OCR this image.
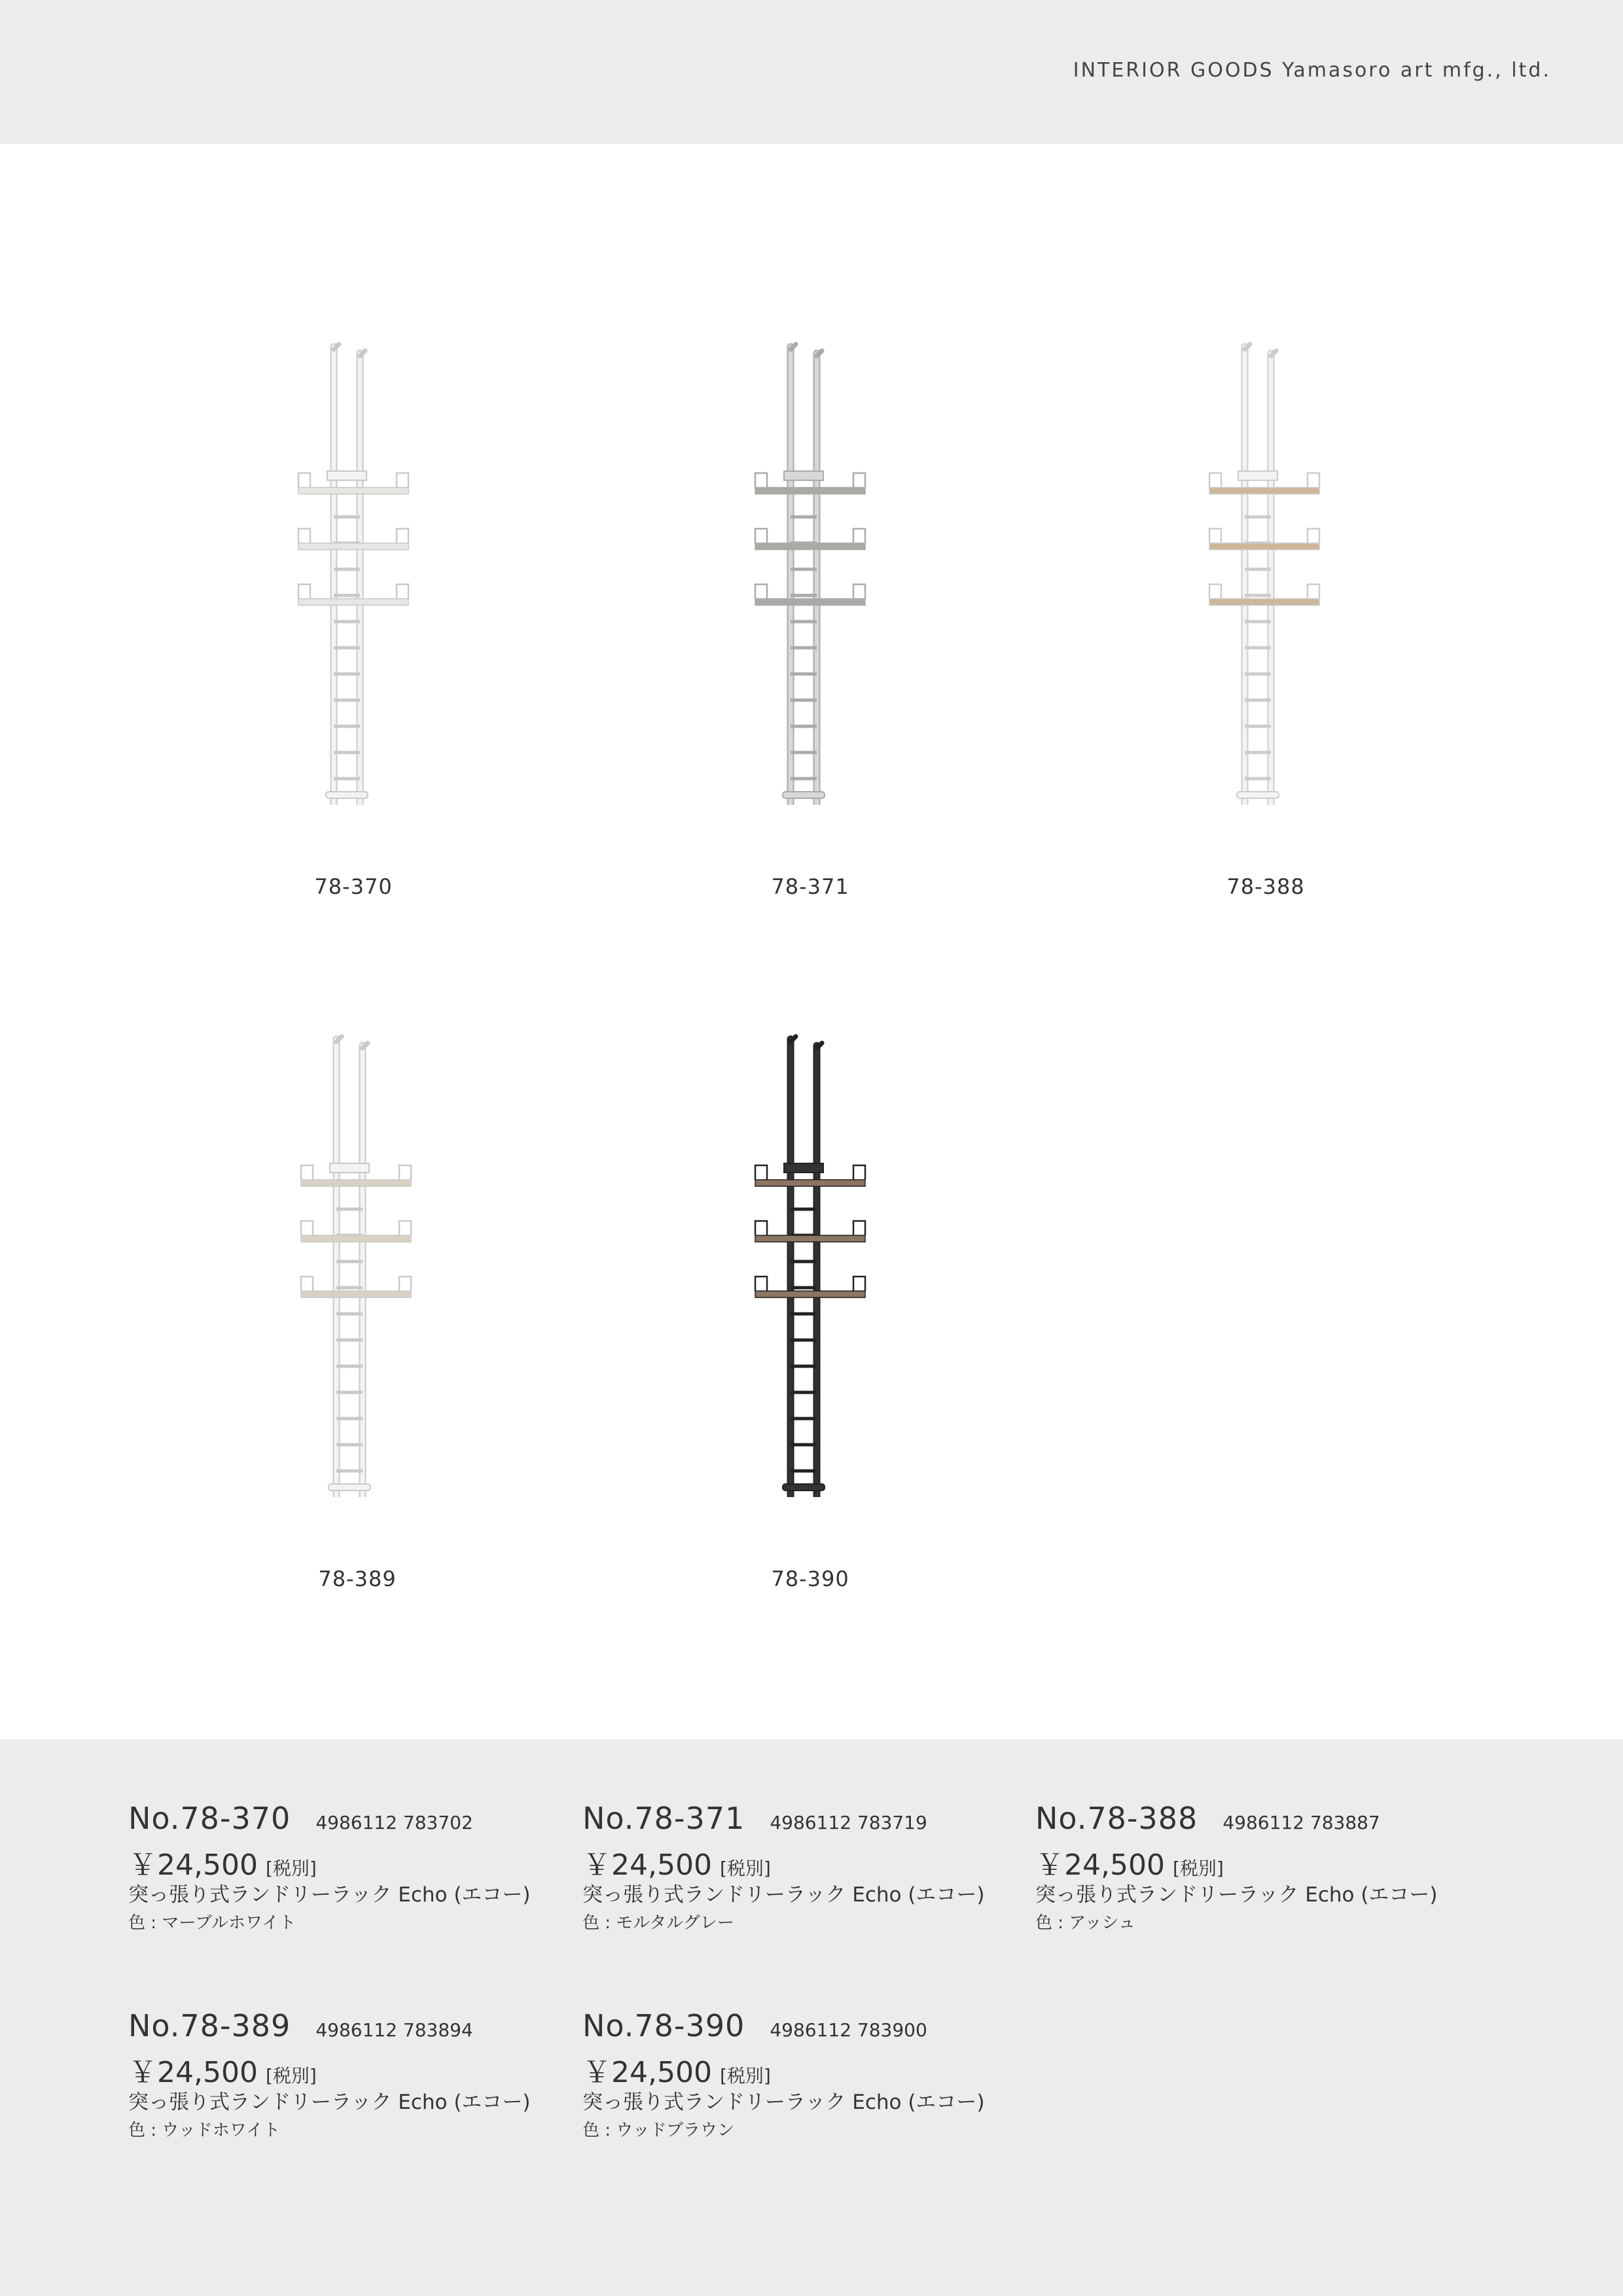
INTERIOR GOODS Yamasoro art mfg., ltd.
78-370	78-371	78-388
78-389	78-390
No.78-370 4986112 783702
￥24,500 [税別]
突っ張り式ランドリーラック Echo (エコー)
色 : マーブルホワイト
No.78-371 4986112 783719
￥24,500 [税別]
突っ張り式ランドリーラック Echo (エコー)
色 : モルタルグレー
No.78-388 4986112 783887
￥24,500 [税別]
突っ張り式ランドリーラック Echo (エコー)
色 : アッシュ
No.78-389 4986112 783894
￥24,500 [税別]
突っ張り式ランドリーラック Echo (エコー)
色 : ウッドホワイト
No.78-390 4986112 783900
￥24,500 [税別]
突っ張り式ランドリーラック Echo (エコー)
色 : ウッドブラウン
